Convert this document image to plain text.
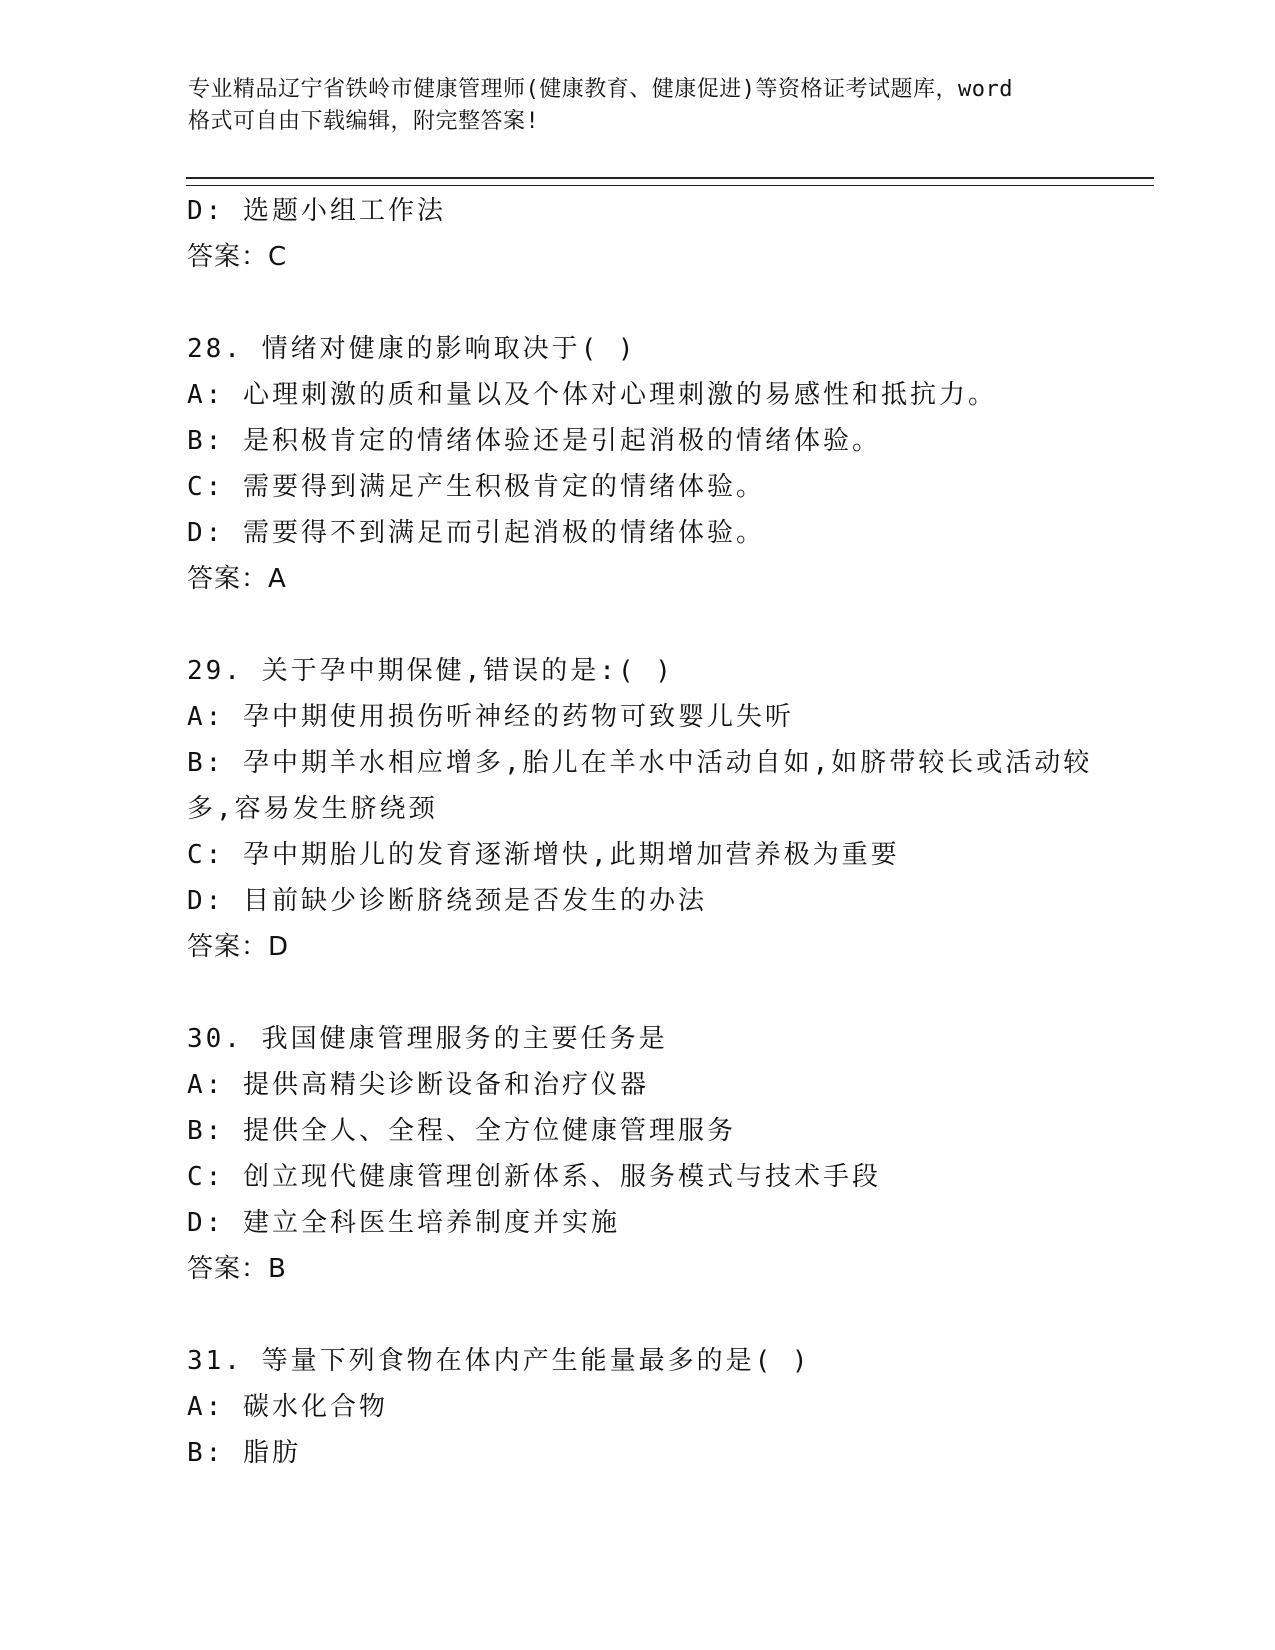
专业精品辽宁省铁岭市健康管理师(健康教育、健康促进)等资格证考试题库，word
格式可自由下载编辑，附完整答案!
D: 选题小组工作法
答案：C
28. 情绪对健康的影响取决于( )
A: 心理刺激的质和量以及个体对心理刺激的易感性和抵抗力。
B: 是积极肯定的情绪体验还是引起消极的情绪体验。
C: 需要得到满足产生积极肯定的情绪体验。
D: 需要得不到满足而引起消极的情绪体验。
答案：A
29. 关于孕中期保健,错误的是:( )
A: 孕中期使用损伤听神经的药物可致婴儿失听
B: 孕中期羊水相应增多,胎儿在羊水中活动自如,如脐带较长或活动较
多,容易发生脐绕颈
C: 孕中期胎儿的发育逐渐增快,此期增加营养极为重要
D: 目前缺少诊断脐绕颈是否发生的办法
答案：D
30. 我国健康管理服务的主要任务是
A: 提供高精尖诊断设备和治疗仪器
B: 提供全人、全程、全方位健康管理服务
C: 创立现代健康管理创新体系、服务模式与技术手段
D: 建立全科医生培养制度并实施
答案：B
31. 等量下列食物在体内产生能量最多的是( )
A: 碳水化合物
B: 脂肪
